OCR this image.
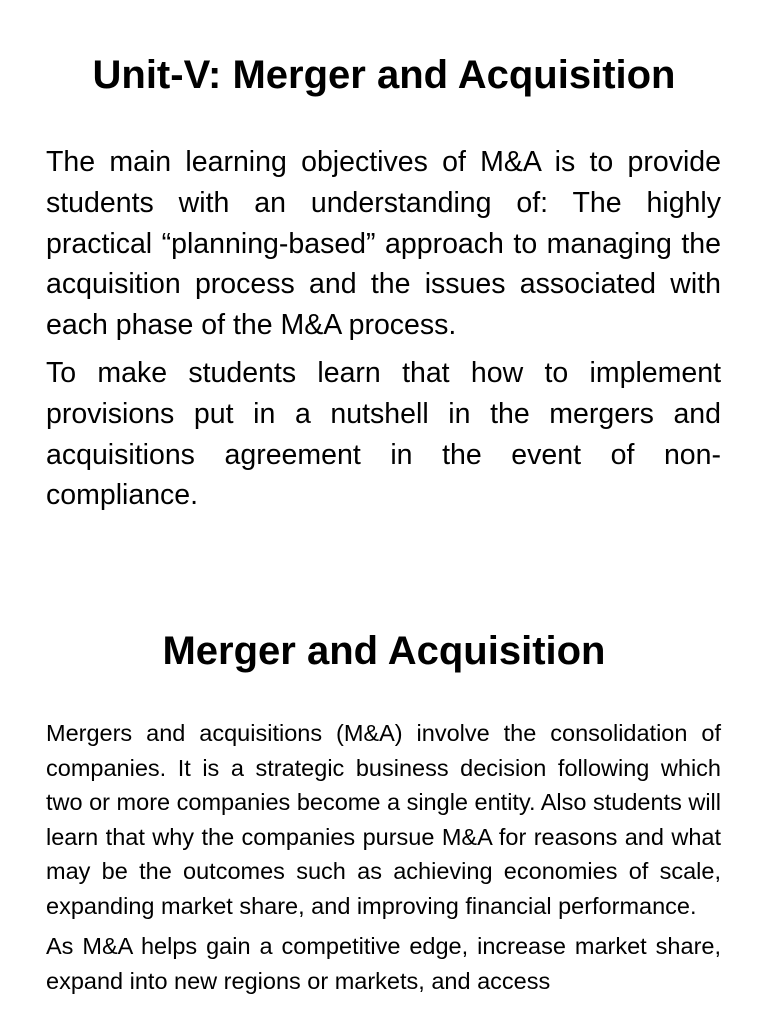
Unit-V: Merger and Acquisition

The main learning objectives of M&A is to provide students with an understanding of: The highly practical “planning-based” approach to managing the acquisition process and the issues associated with each phase of the M&A process.

To make students learn that how to implement provisions put in a nutshell in the mergers and acquisitions agreement in the event of non-compliance.

Merger and Acquisition

Mergers and acquisitions (M&A) involve the consolidation of companies. It is a strategic business decision following which two or more companies become a single entity. Also students will learn that why the companies pursue M&A for reasons and what may be the outcomes such as achieving economies of scale, expanding market share, and improving financial performance.

As M&A helps gain a competitive edge, increase market share, expand into new regions or markets, and access
